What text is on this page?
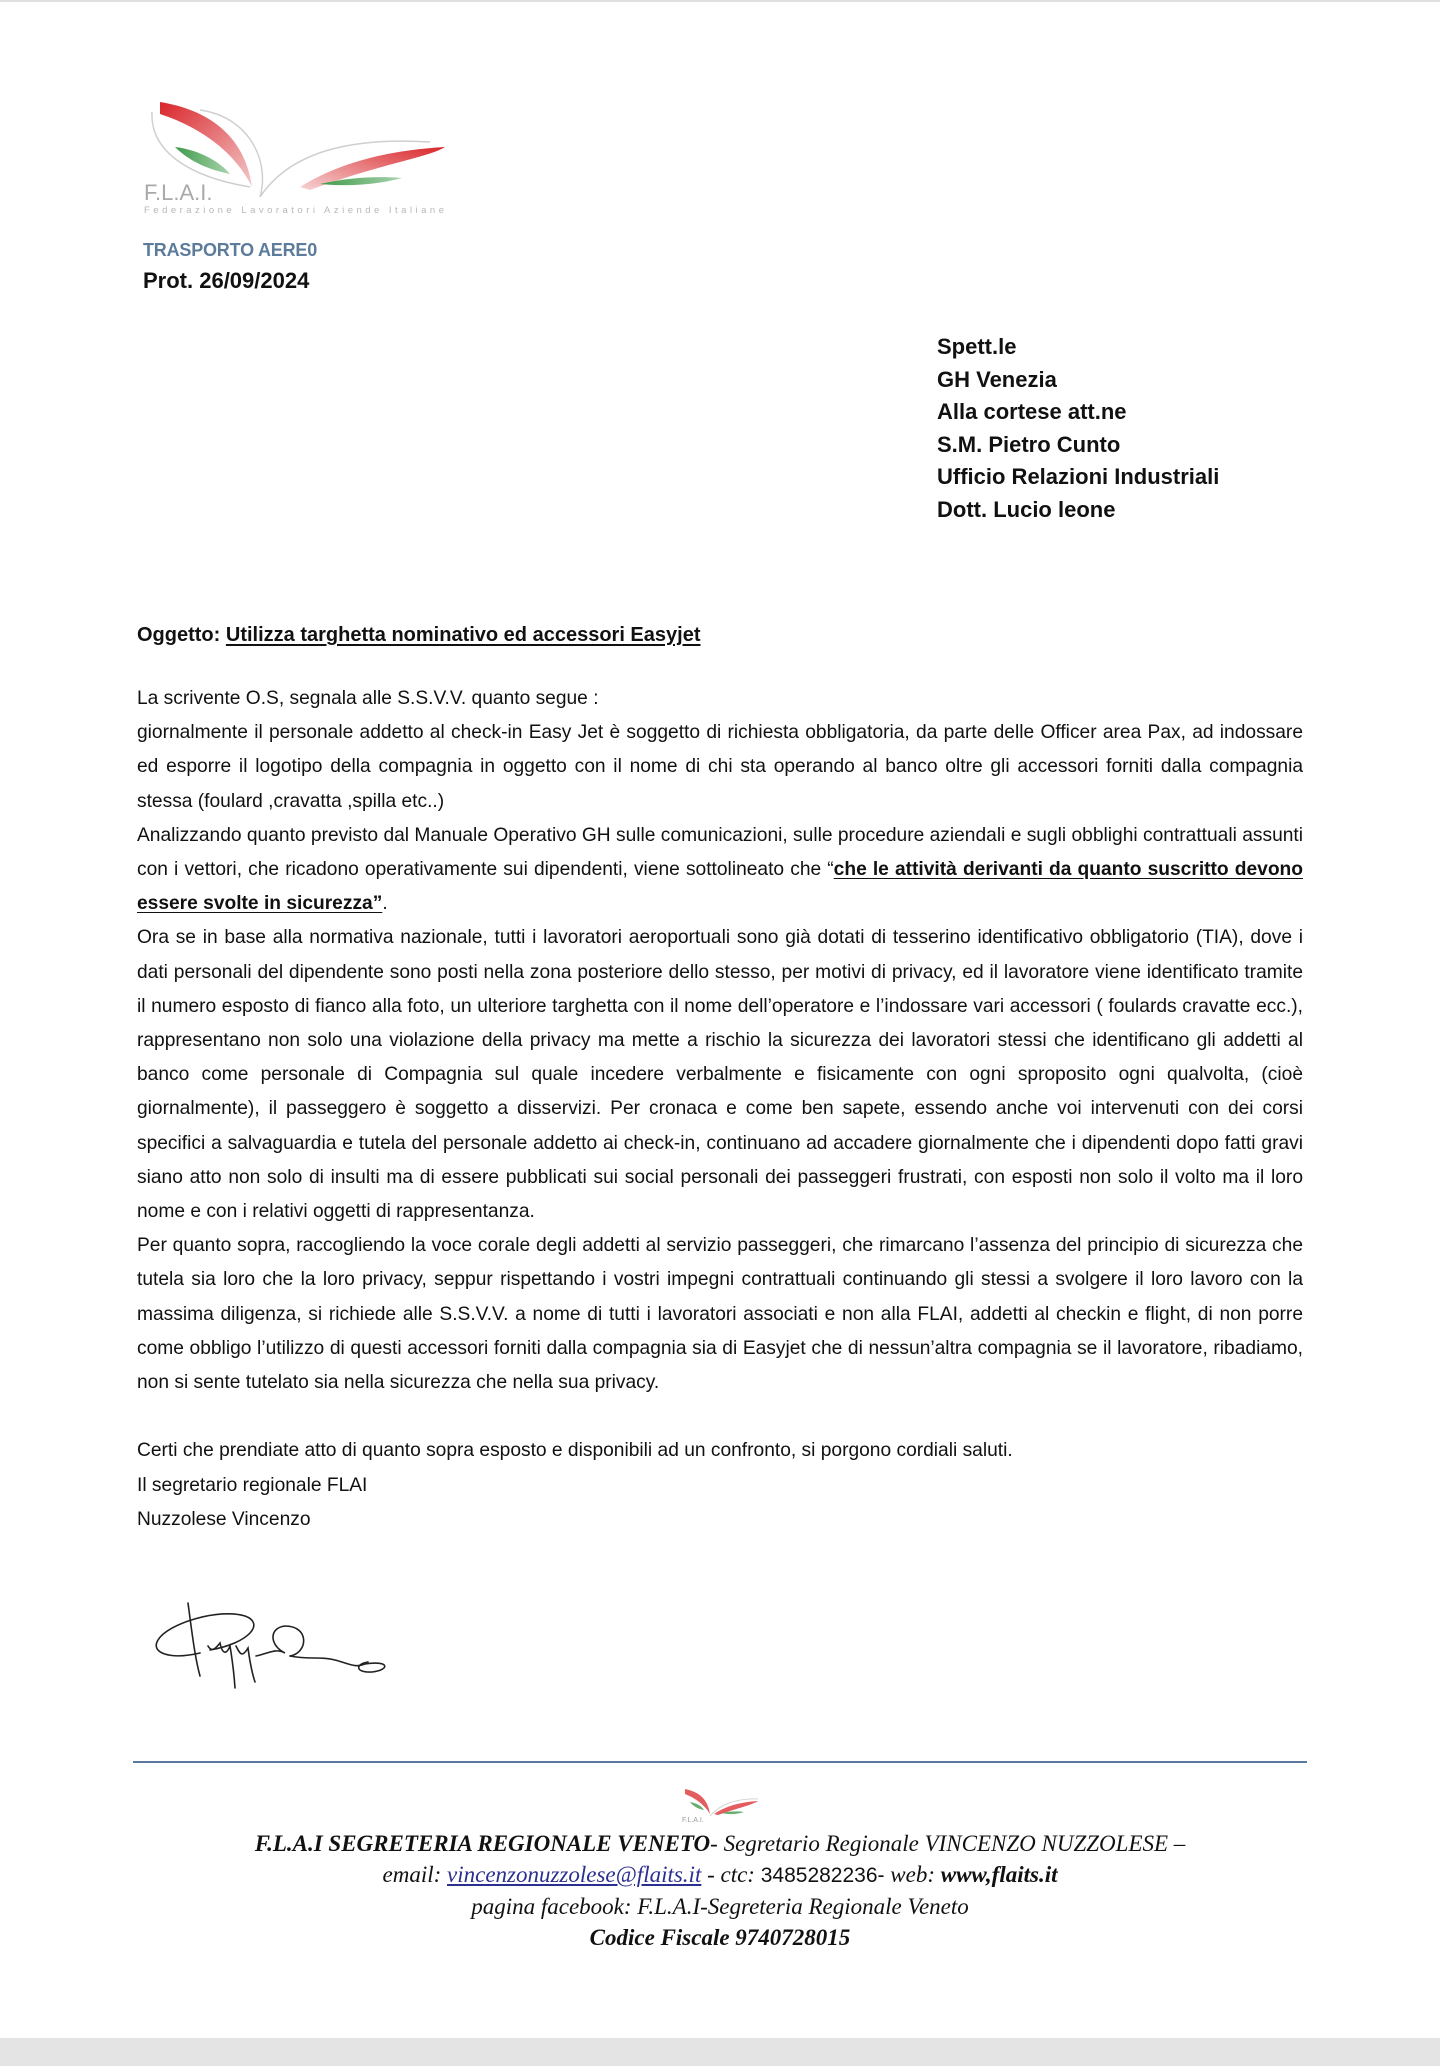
F.L.A.I.
Federazione Lavoratori Aziende Italiane
TRASPORTO AERE0
Prot. 26/09/2024
Spett.le
GH Venezia
Alla cortese att.ne
S.M. Pietro Cunto
Ufficio Relazioni Industriali
Dott. Lucio leone
Oggetto: Utilizza targhetta nominativo ed accessori Easyjet

La scrivente O.S, segnala alle S.S.V.V. quanto segue :

giornalmente il personale addetto al check-in Easy Jet è soggetto di richiesta obbligatoria, da parte delle Officer area Pax, ad indossare ed esporre il logotipo della compagnia in oggetto con il nome di chi sta operando al banco oltre gli accessori forniti dalla compagnia stessa (foulard ,cravatta ,spilla etc..)

Analizzando quanto previsto dal Manuale Operativo GH sulle comunicazioni, sulle procedure aziendali e sugli obblighi contrattuali assunti con i vettori, che ricadono operativamente sui dipendenti, viene sottolineato che “che le attività derivanti da quanto suscritto devono essere svolte in sicurezza”.

Ora se in base alla normativa nazionale, tutti i lavoratori aeroportuali sono già dotati di tesserino identificativo obbligatorio (TIA), dove i dati personali del dipendente sono posti nella zona posteriore dello stesso, per motivi di privacy, ed il lavoratore viene identificato tramite il numero esposto di fianco alla foto, un ulteriore targhetta con il nome dell’operatore e l’indossare vari accessori ( foulards cravatte ecc.), rappresentano non solo una violazione della privacy ma mette a rischio la sicurezza dei lavoratori stessi che identificano gli addetti al banco come personale di Compagnia sul quale incedere verbalmente e fisicamente con ogni sproposito ogni qualvolta, (cioè giornalmente), il passeggero è soggetto a disservizi. Per cronaca e come ben sapete, essendo anche voi intervenuti con dei corsi specifici a salvaguardia e tutela del personale addetto ai check-in, continuano ad accadere giornalmente che i dipendenti dopo fatti gravi siano atto non solo di insulti ma di essere pubblicati sui social personali dei passeggeri frustrati, con esposti non solo il volto ma il loro nome e con i relativi oggetti di rappresentanza.

Per quanto sopra, raccogliendo la voce corale degli addetti al servizio passeggeri, che rimarcano l’assenza del principio di sicurezza che tutela sia loro che la loro privacy, seppur rispettando i vostri impegni contrattuali continuando gli stessi a svolgere il loro lavoro con la massima diligenza, si richiede alle S.S.V.V. a nome di tutti i lavoratori associati e non alla FLAI, addetti al checkin e flight, di non porre come obbligo l’utilizzo di questi accessori forniti dalla compagnia sia di Easyjet che di nessun’altra compagnia se il lavoratore, ribadiamo, non si sente tutelato sia nella sicurezza che nella sua privacy.

Certi che prendiate atto di quanto sopra esposto e disponibili ad un confronto, si porgono cordiali saluti.

Il segretario regionale FLAI

Nuzzolese Vincenzo

F.L.A.I.
F.L.A.I SEGRETERIA REGIONALE VENETO- Segretario Regionale VINCENZO NUZZOLESE –
email: vincenzonuzzolese@flaits.it - ctc: 3485282236- web: www,flaits.it
pagina facebook: F.L.A.I-Segreteria Regionale Veneto
Codice Fiscale 9740728015
